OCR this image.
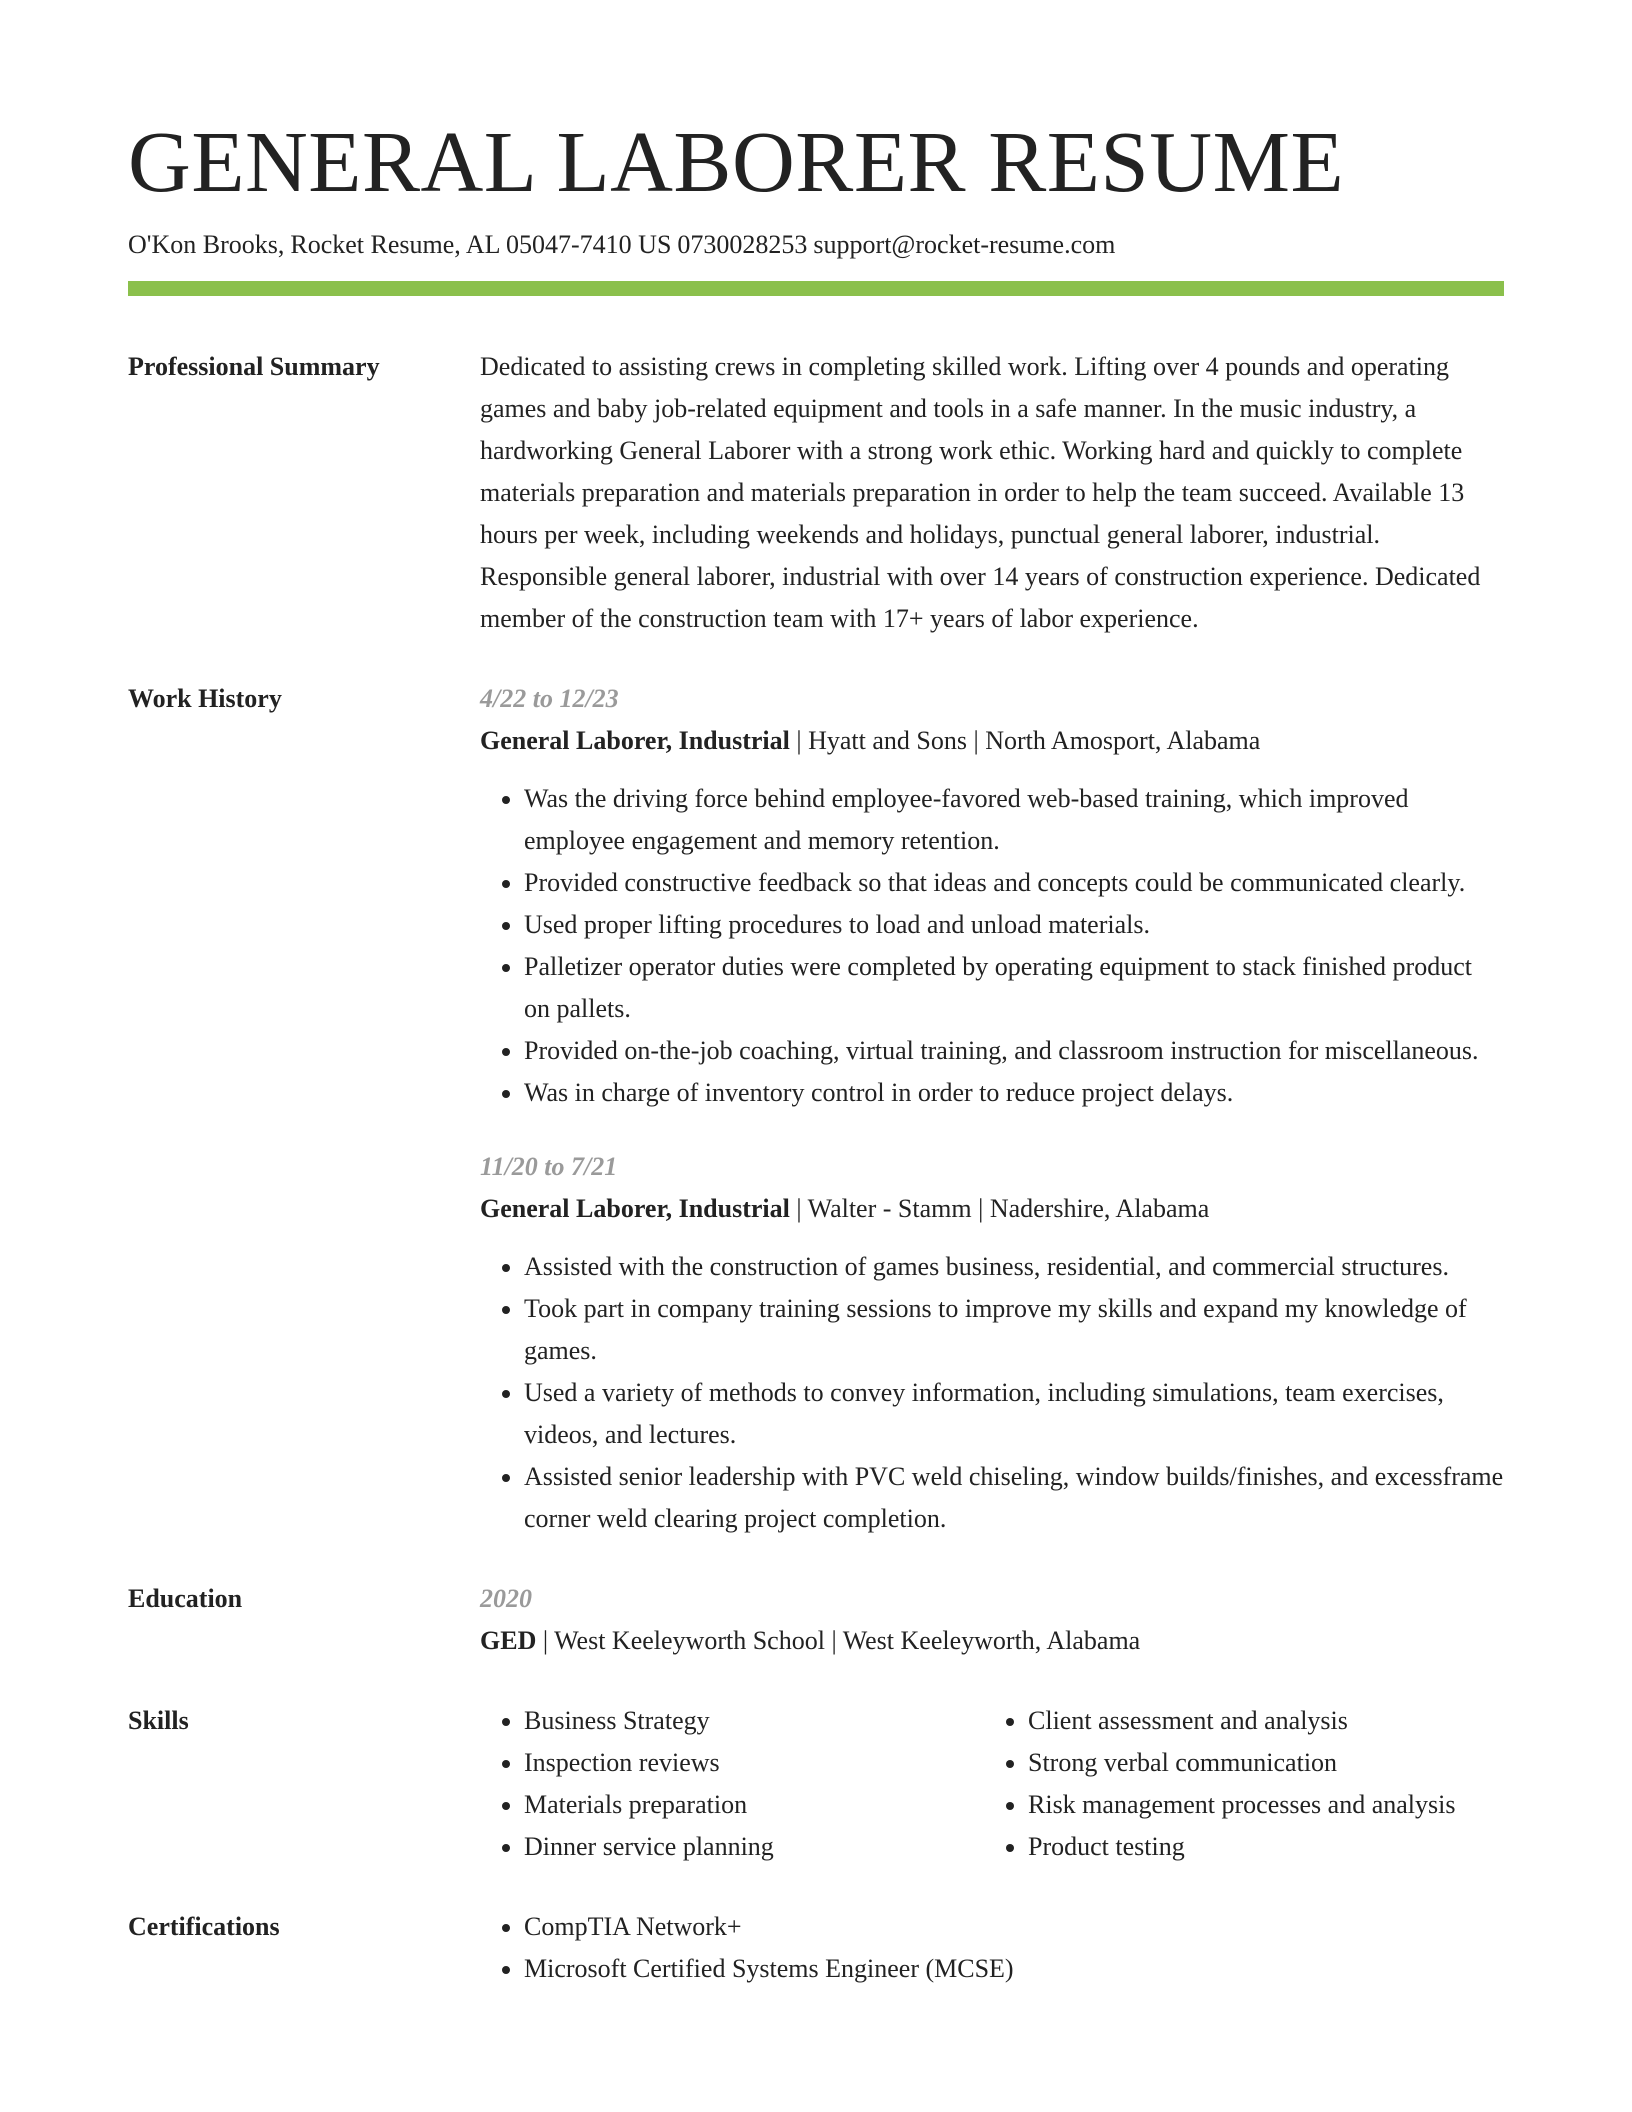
GENERAL LABORER RESUME
O'Kon Brooks, Rocket Resume, AL 05047-7410 US 0730028253 support@rocket-resume.com
Professional Summary	Dedicated to assisting crews in completing skilled work. Lifting over 4 pounds and operating games and baby job-related equipment and tools in a safe manner. In the music industry, a hardworking General Laborer with a strong work ethic. Working hard and quickly to complete materials preparation and materials preparation in order to help the team succeed. Available 13 hours per week, including weekends and holidays, punctual general laborer, industrial. Responsible general laborer, industrial with over 14 years of construction experience. Dedicated member of the construction team with 17+ years of labor experience.

Work History	4/22 to 12/23
General Laborer, Industrial | Hyatt and Sons | North Amosport, Alabama
• Was the driving force behind employee-favored web-based training, which improved employee engagement and memory retention.
• Provided constructive feedback so that ideas and concepts could be communicated clearly.
• Used proper lifting procedures to load and unload materials.
• Palletizer operator duties were completed by operating equipment to stack finished product on pallets.
• Provided on-the-job coaching, virtual training, and classroom instruction for miscellaneous.
• Was in charge of inventory control in order to reduce project delays.
11/20 to 7/21
General Laborer, Industrial | Walter - Stamm | Nadershire, Alabama
• Assisted with the construction of games business, residential, and commercial structures.
• Took part in company training sessions to improve my skills and expand my knowledge of games.
• Used a variety of methods to convey information, including simulations, team exercises, videos, and lectures.
• Assisted senior leadership with PVC weld chiseling, window builds/finishes, and excessframe corner weld clearing project completion.
Education	2020
GED | West Keeleyworth School | West Keeleyworth, Alabama
Skills	• Business Strategy
• Inspection reviews
• Materials preparation
• Dinner service planning
• Client assessment and analysis
• Strong verbal communication
• Risk management processes and analysis
• Product testing
Certifications	• CompTIA Network+
• Microsoft Certified Systems Engineer (MCSE)
